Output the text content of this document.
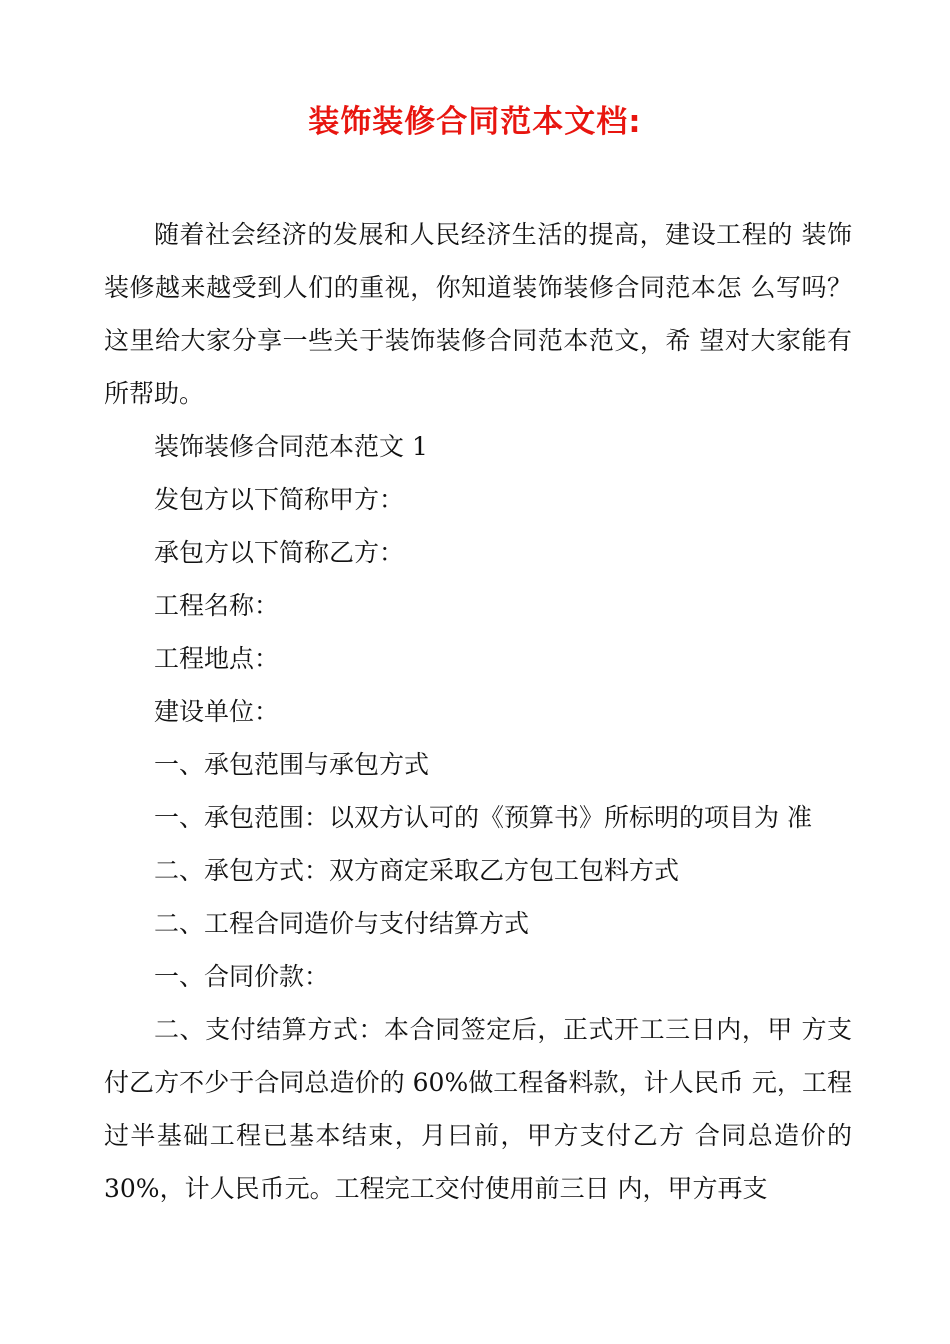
装饰装修合同范本文档:

随着社会经济的发展和人民经济生活的提高，建设工程的 装饰装修越来越受到人们的重视，你知道装饰装修合同范本怎 么写吗？这里给大家分享一些关于装饰装修合同范本范文，希 望对大家能有所帮助。

装饰装修合同范本范文 1

发包方以下简称甲方：

承包方以下简称乙方：

工程名称：

工程地点：

建设单位：

一、承包范围与承包方式

一、承包范围：以双方认可的《预算书》所标明的项目为 准

二、承包方式：双方商定采取乙方包工包料方式

二、工程合同造价与支付结算方式

一、合同价款：

二、支付结算方式：本合同签定后，正式开工三日内，甲 方支付乙方不少于合同总造价的 60%做工程备料款，计人民币 元，工程过半基础工程已基本结束，月曰前，甲方支付乙方 合同总造价的 30%，计人民币元。工程完工交付使用前三日 内，甲方再支
